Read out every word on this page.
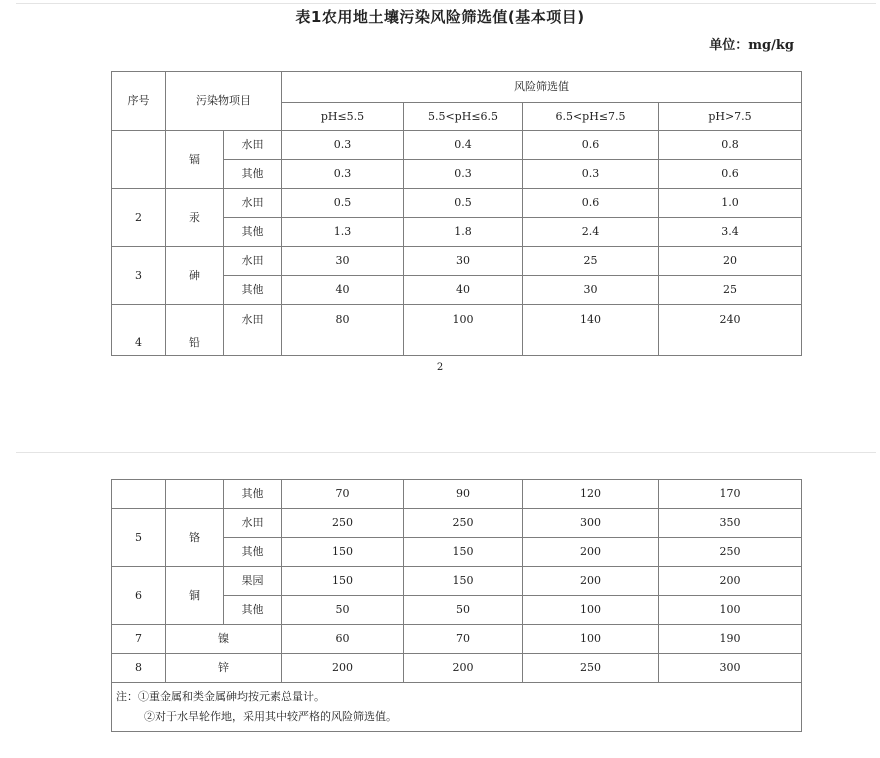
表1农用地土壤污染风险筛选值(基本项目)
单位：mg/kg
序号	污染物项目		风险筛选值			
			pH≤5.5	5.5<pH≤6.5	6.5<pH≤7.5	pH>7.5
	镉	水田	0.3	0.4	0.6	0.8
		其他	0.3	0.3	0.3	0.6
2	汞	水田	0.5	0.5	0.6	1.0
		其他	1.3	1.8	2.4	3.4
3	砷	水田	30	30	25	20
		其他	40	40	30	25
4	铅	水田	80	100	140	240
2
		其他	70	90	120	170
5	铬	水田	250	250	300	350
		其他	150	150	200	250
6	铜	果园	150	150	200	200
		其他	50	50	100	100
7	镍		60	70	100	190
8	锌		200	200	250	300
注：①重金属和类金属砷均按元素总量计。
②对于水旱轮作地，采用其中较严格的风险筛选值。						
